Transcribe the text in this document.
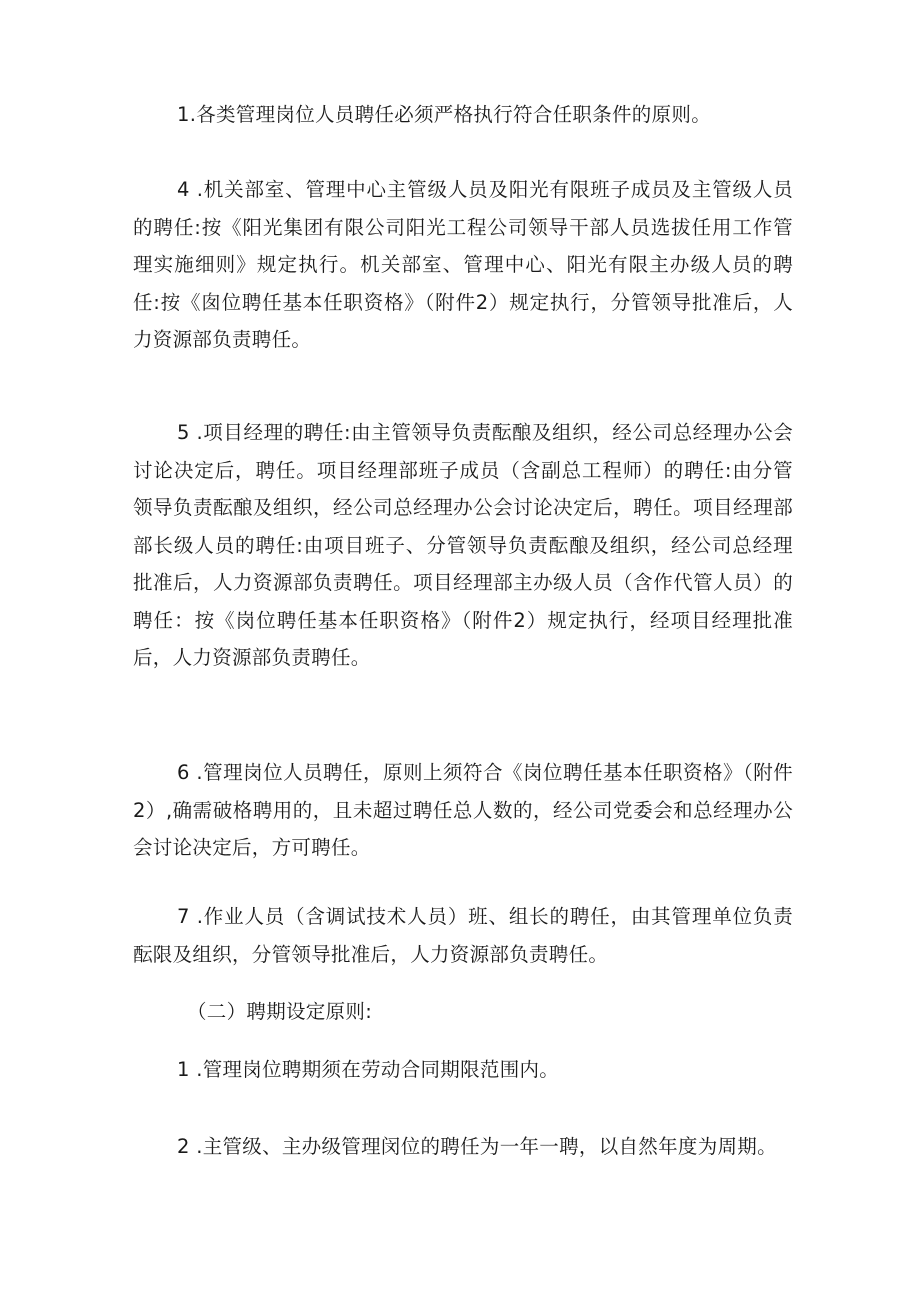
1.各类管理岗位人员聘任必须严格执行符合任职条件的原则。

4 .机关部室、管理中心主管级人员及阳光有限班子成员及主管级人员的聘任:按《阳光集团有限公司阳光工程公司领导干部人员选拔任用工作管理实施细则》规定执行。机关部室、管理中心、阳光有限主办级人员的聘任:按《囱位聘任基本任职资格》（附件2）规定执行，分管领导批准后，人力资源部负责聘任。

5 .项目经理的聘任:由主管领导负责酝酿及组织，经公司总经理办公会讨论决定后，聘任。项目经理部班子成员（含副总工程师）的聘任:由分管领导负责酝酿及组织，经公司总经理办公会讨论决定后，聘任。项目经理部部长级人员的聘任:由项目班子、分管领导负责酝酿及组织，经公司总经理批准后，人力资源部负责聘任。项目经理部主办级人员（含作代管人员）的聘任：按《岗位聘任基本任职资格》（附件2）规定执行，经项目经理批准后，人力资源部负责聘任。

6 .管理岗位人员聘任，原则上须符合《岗位聘任基本任职资格》（附件2）,确需破格聘用的，且未超过聘任总人数的，经公司党委会和总经理办公会讨论决定后，方可聘任。

7 .作业人员（含调试技术人员）班、组长的聘任，由其管理单位负责酝限及组织，分管领导批准后，人力资源部负责聘任。

（二）聘期设定原则:

1 .管理岗位聘期须在劳动合同期限范围内。

2 .主管级、主办级管理闵位的聘任为一年一聘，以自然年度为周期。
